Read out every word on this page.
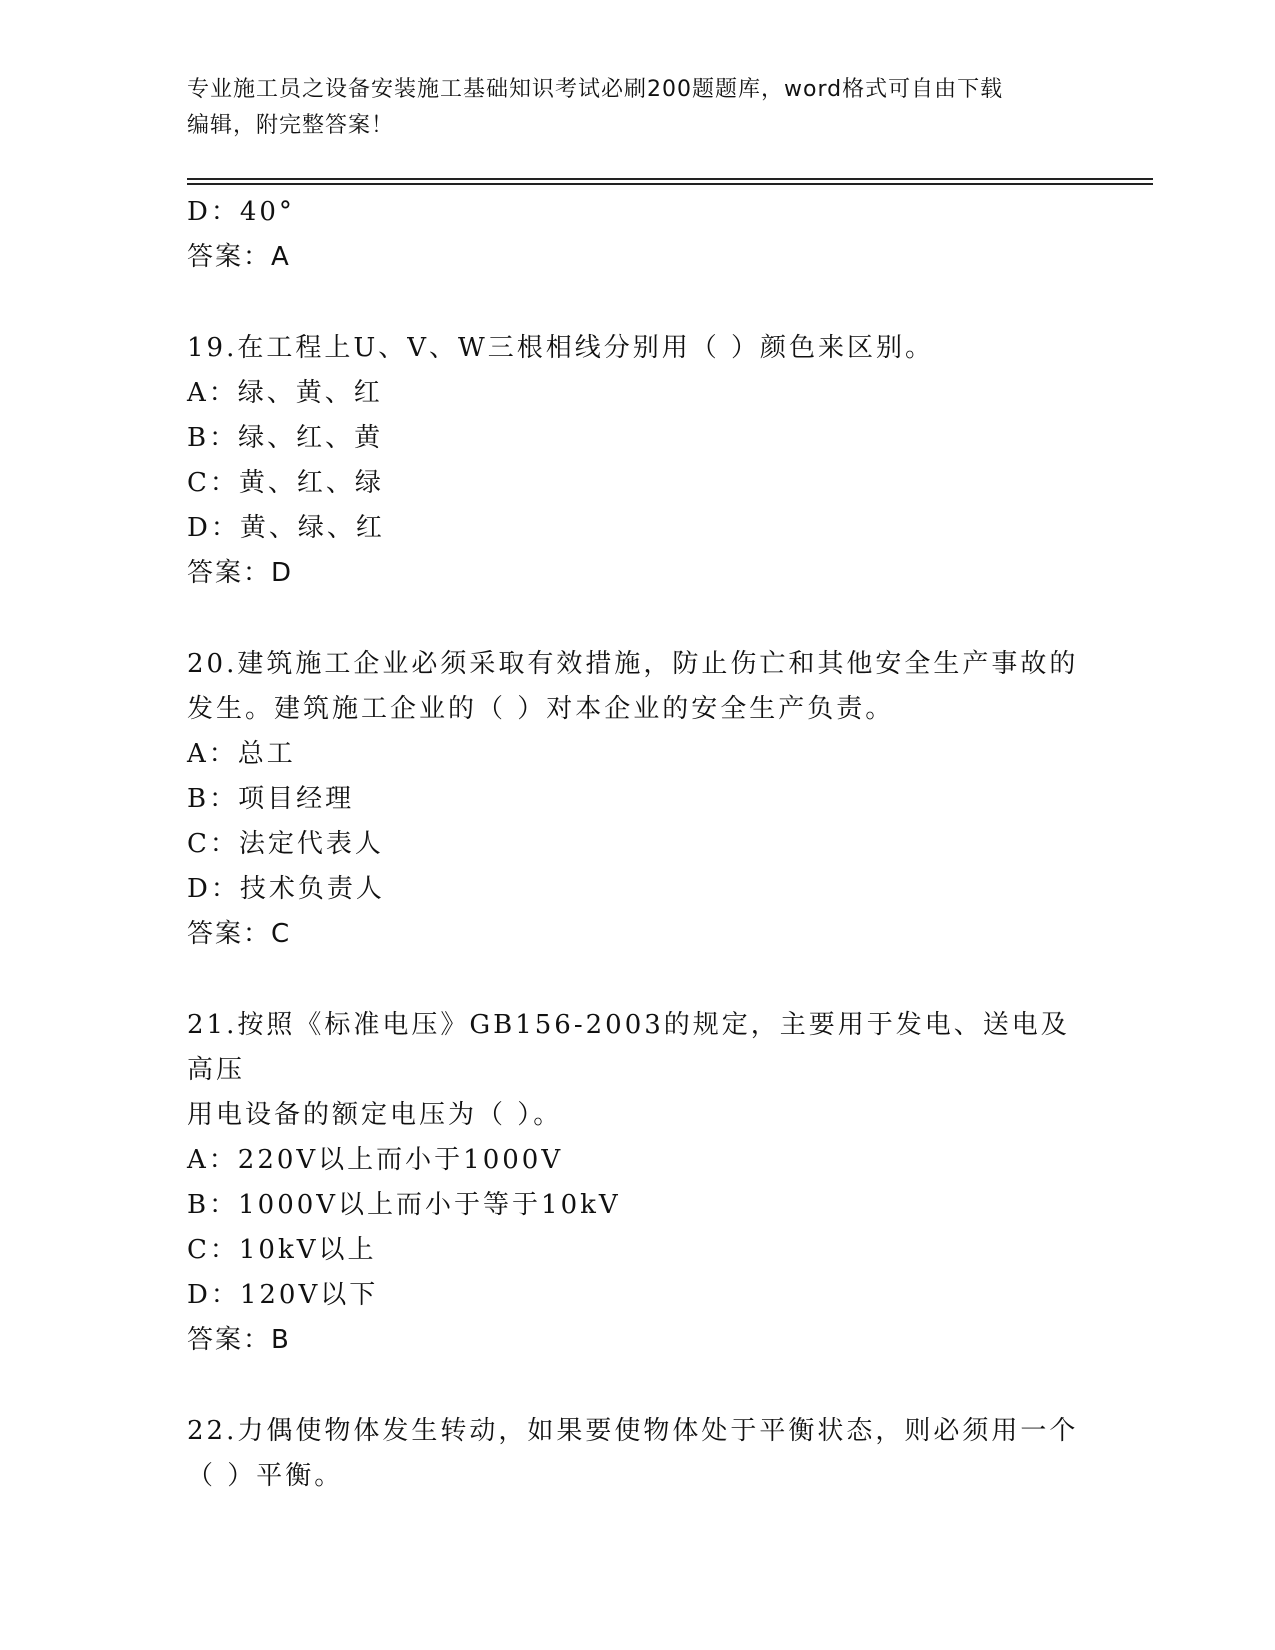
专业施工员之设备安装施工基础知识考试必刷200题题库，word格式可自由下载
编辑，附完整答案！
D：40°
答案：A
19.在工程上U、V、W三根相线分别用（ ）颜色来区别。
A：绿、黄、红
B：绿、红、黄
C：黄、红、绿
D：黄、绿、红
答案：D
20.建筑施工企业必须采取有效措施，防止伤亡和其他安全生产事故的
发生。建筑施工企业的（ ）对本企业的安全生产负责。
A：总工
B：项目经理
C：法定代表人
D：技术负责人
答案：C
21.按照《标准电压》GB156-2003的规定，主要用于发电、送电及高压
用电设备的额定电压为（ ）。
A：220V以上而小于1000V
B：1000V以上而小于等于10kV
C：10kV以上
D：120V以下
答案：B
22.力偶使物体发生转动，如果要使物体处于平衡状态，则必须用一个
（ ）平衡。
